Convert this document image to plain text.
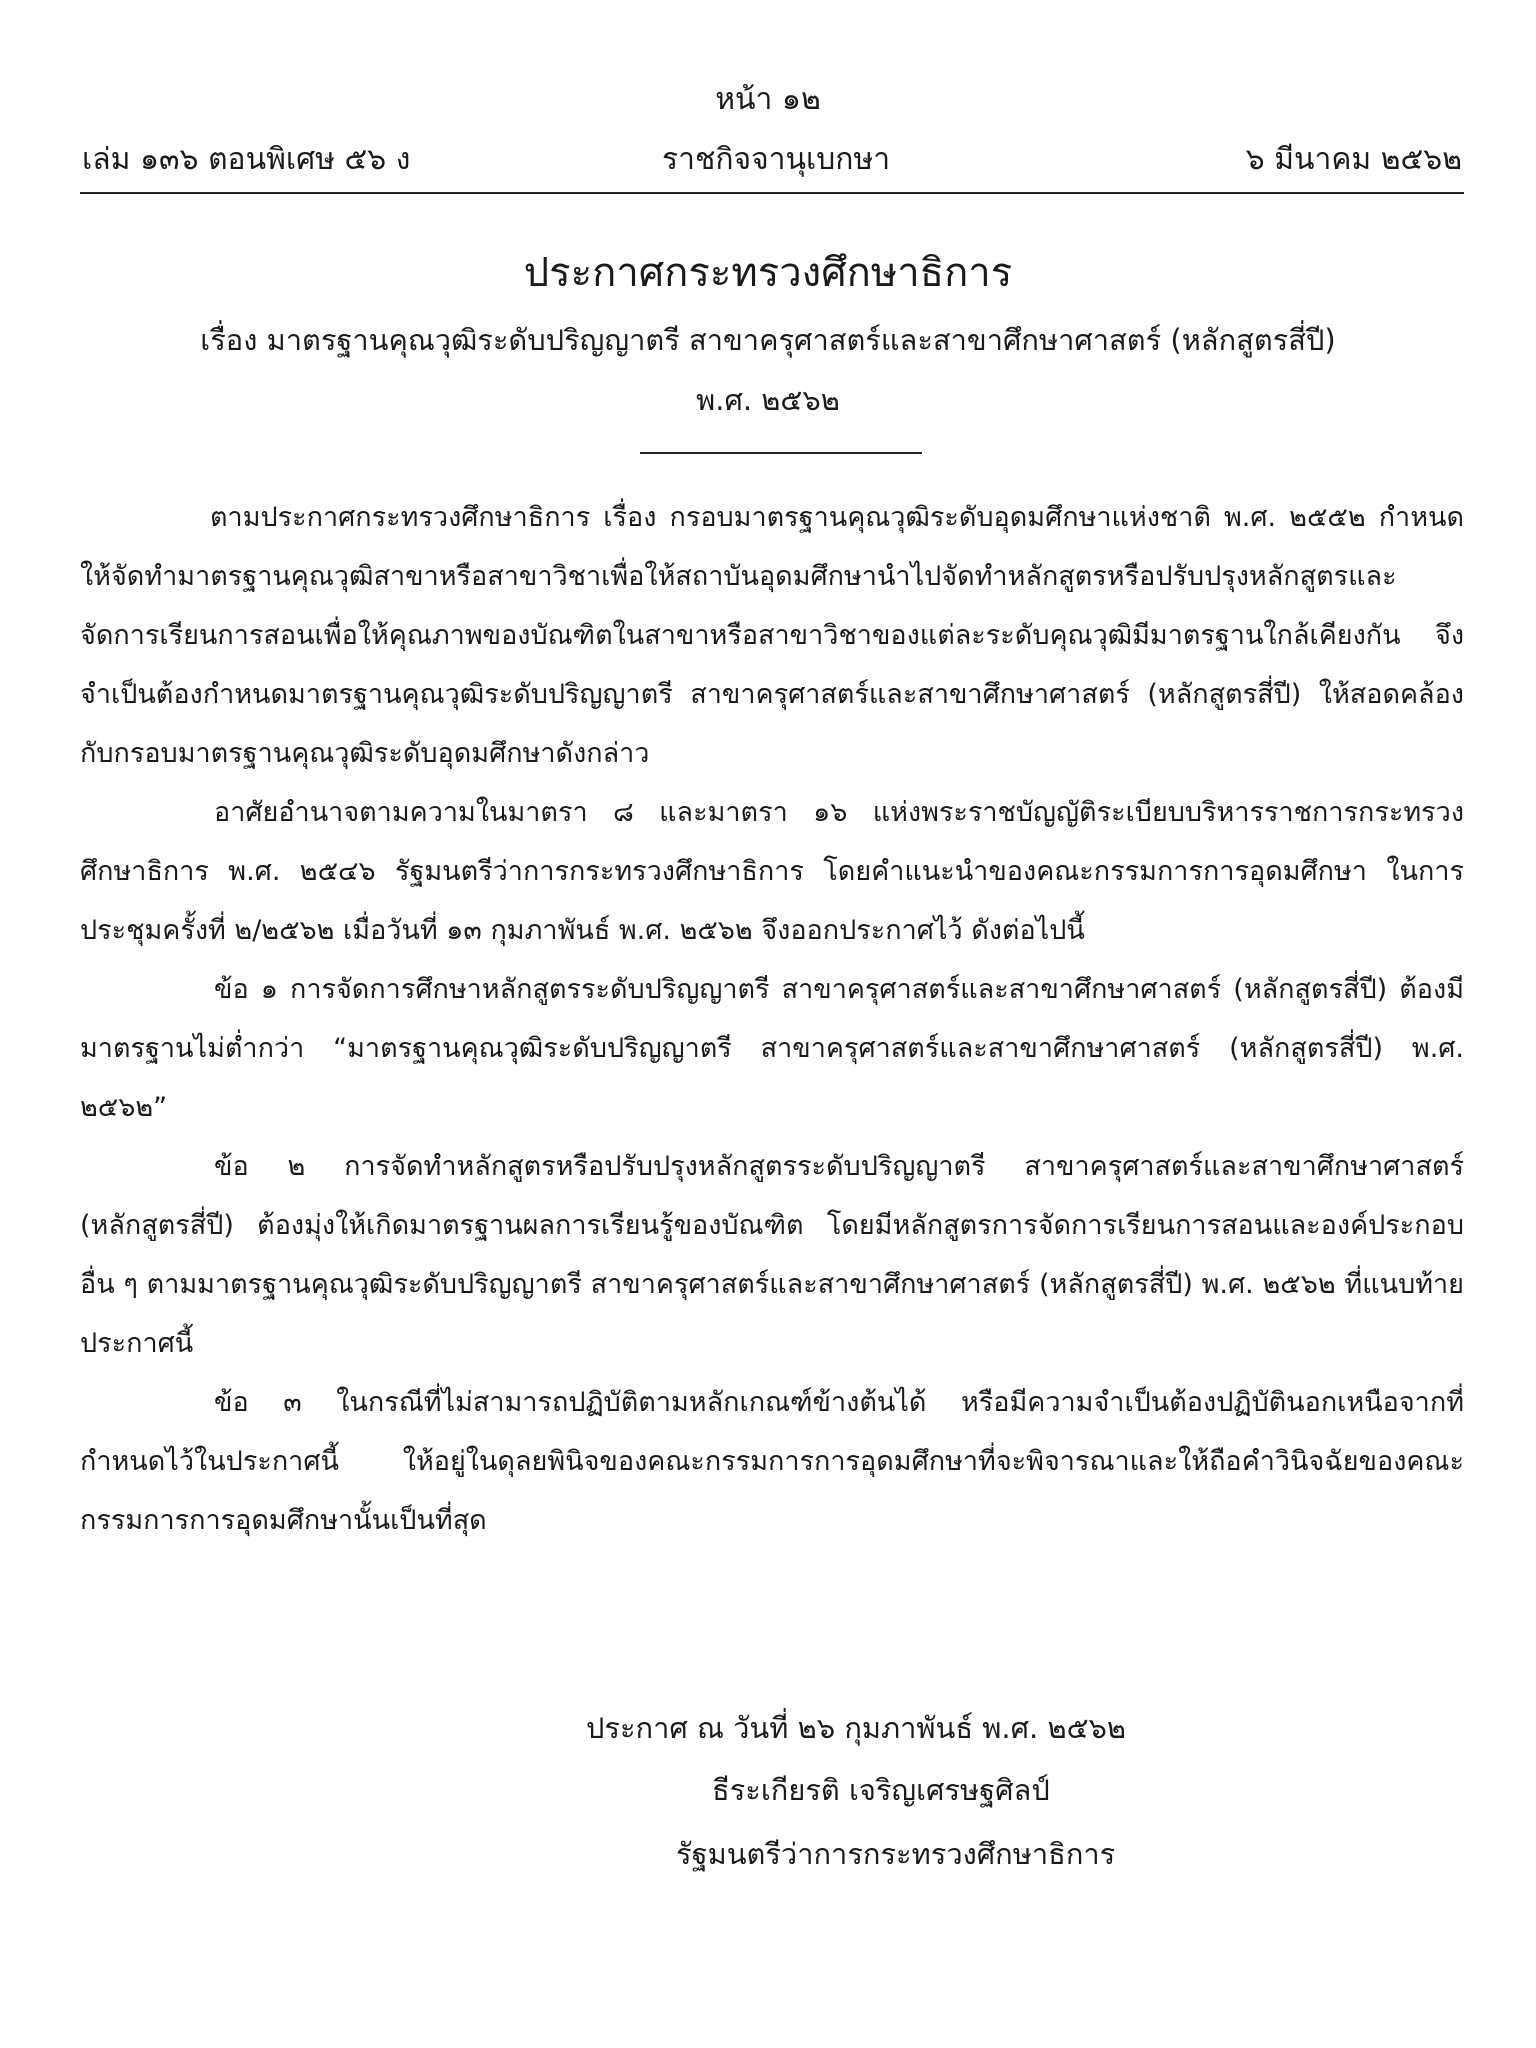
หน้า ๑๒
เล่ม ๑๓๖ ตอนพิเศษ ๕๖ ง	ราชกิจจานุเบกษา	๖ มีนาคม ๒๕๖๒
ประกาศกระทรวงศึกษาธิการ
เรื่อง มาตรฐานคุณวุฒิระดับปริญญาตรี สาขาครุศาสตร์และสาขาศึกษาศาสตร์ (หลักสูตรสี่ปี)
พ.ศ. ๒๕๖๒

ตามประกาศกระทรวงศึกษาธิการ เรื่อง กรอบมาตรฐานคุณวุฒิระดับอุดมศึกษาแห่งชาติ พ.ศ. ๒๕๕๒ กำหนดให้จัดทำมาตรฐานคุณวุฒิสาขาหรือสาขาวิชาเพื่อให้สถาบันอุดมศึกษานำไปจัดทำหลักสูตรหรือปรับปรุงหลักสูตรและจัดการเรียนการสอนเพื่อให้คุณภาพของบัณฑิตในสาขาหรือสาขาวิชาของแต่ละระดับคุณวุฒิมีมาตรฐานใกล้เคียงกัน จึงจำเป็นต้องกำหนดมาตรฐานคุณวุฒิระดับปริญญาตรี สาขาครุศาสตร์และสาขาศึกษาศาสตร์ (หลักสูตรสี่ปี) ให้สอดคล้องกับกรอบมาตรฐานคุณวุฒิระดับอุดมศึกษาดังกล่าว

อาศัยอำนาจตามความในมาตรา ๘ และมาตรา ๑๖ แห่งพระราชบัญญัติระเบียบบริหารราชการกระทรวงศึกษาธิการ พ.ศ. ๒๕๔๖ รัฐมนตรีว่าการกระทรวงศึกษาธิการ โดยคำแนะนำของคณะกรรมการการอุดมศึกษา ในการประชุมครั้งที่ ๒/๒๕๖๒ เมื่อวันที่ ๑๓ กุมภาพันธ์ พ.ศ. ๒๕๖๒ จึงออกประกาศไว้ ดังต่อไปนี้

ข้อ ๑ การจัดการศึกษาหลักสูตรระดับปริญญาตรี สาขาครุศาสตร์และสาขาศึกษาศาสตร์ (หลักสูตรสี่ปี) ต้องมีมาตรฐานไม่ต่ำกว่า “มาตรฐานคุณวุฒิระดับปริญญาตรี สาขาครุศาสตร์และสาขาศึกษาศาสตร์ (หลักสูตรสี่ปี) พ.ศ. ๒๕๖๒”

ข้อ ๒ การจัดทำหลักสูตรหรือปรับปรุงหลักสูตรระดับปริญญาตรี สาขาครุศาสตร์และสาขาศึกษาศาสตร์ (หลักสูตรสี่ปี) ต้องมุ่งให้เกิดมาตรฐานผลการเรียนรู้ของบัณฑิต โดยมีหลักสูตรการจัดการเรียนการสอนและองค์ประกอบอื่น ๆ ตามมาตรฐานคุณวุฒิระดับปริญญาตรี สาขาครุศาสตร์และสาขาศึกษาศาสตร์ (หลักสูตรสี่ปี) พ.ศ. ๒๕๖๒ ที่แนบท้ายประกาศนี้

ข้อ ๓ ในกรณีที่ไม่สามารถปฏิบัติตามหลักเกณฑ์ข้างต้นได้ หรือมีความจำเป็นต้องปฏิบัตินอกเหนือจากที่กำหนดไว้ในประกาศนี้ ให้อยู่ในดุลยพินิจของคณะกรรมการการอุดมศึกษาที่จะพิจารณาและให้ถือคำวินิจฉัยของคณะกรรมการการอุดมศึกษานั้นเป็นที่สุด

ประกาศ ณ วันที่ ๒๖ กุมภาพันธ์ พ.ศ. ๒๕๖๒
ธีระเกียรติ เจริญเศรษฐศิลป์
รัฐมนตรีว่าการกระทรวงศึกษาธิการ
